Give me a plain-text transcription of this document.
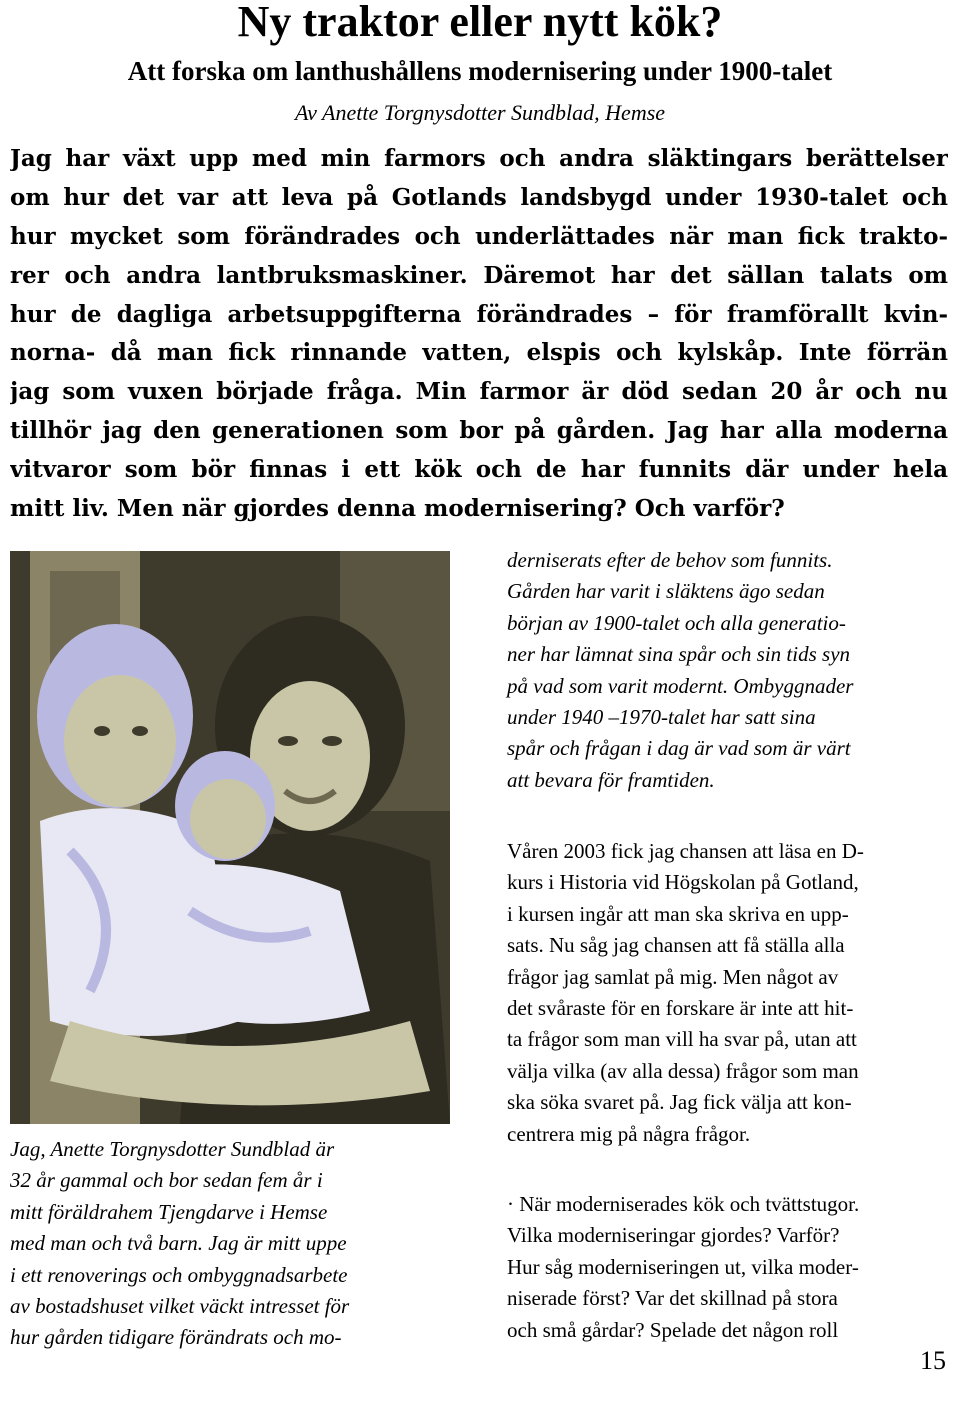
Ny traktor eller nytt kök?
Att forska om lanthushållens modernisering under 1900-talet

Av Anette Torgnysdotter Sundblad, Hemse

Jag har växt upp med min farmors och andra släktingars berättelser
om hur det var att leva på Gotlands landsbygd under 1930-talet och
hur mycket som förändrades och underlättades när man fick trakto-
rer och andra lantbruksmaskiner. Däremot har det sällan talats om
hur de dagliga arbetsuppgifterna förändrades – för framförallt kvin-
norna- då man fick rinnande vatten, elspis och kylskåp. Inte förrän
jag som vuxen började fråga. Min farmor är död sedan 20 år och nu
tillhör jag den generationen som bor på gården. Jag har alla moderna
vitvaror som bör finnas i ett kök och de har funnits där under hela
mitt liv. Men när gjordes denna modernisering? Och varför?
Jag, Anette Torgnysdotter Sundblad är
32 år gammal och bor sedan fem år i
mitt föräldrahem Tjengdarve i Hemse
med man och två barn. Jag är mitt uppe
i ett renoverings och ombyggnadsarbete
av bostadshuset vilket väckt intresset för
hur gården tidigare förändrats och mo-
derniserats efter de behov som funnits.
Gården har varit i släktens ägo sedan
början av 1900-talet och alla generatio-
ner har lämnat sina spår och sin tids syn
på vad som varit modernt. Ombyggnader
under 1940 –1970-talet har satt sina
spår och frågan i dag är vad som är värt
att bevara för framtiden.
Våren 2003 fick jag chansen att läsa en D-
kurs i Historia vid Högskolan på Gotland,
i kursen ingår att man ska skriva en upp-
sats. Nu såg jag chansen att få ställa alla
frågor jag samlat på mig. Men något av
det svåraste för en forskare är inte att hit-
ta frågor som man vill ha svar på, utan att
välja vilka (av alla dessa) frågor som man
ska söka svaret på. Jag fick välja att kon-
centrera mig på några frågor.
· När moderniserades kök och tvättstugor.
Vilka moderniseringar gjordes? Varför?
Hur såg moderniseringen ut, vilka moder-
niserade först? Var det skillnad på stora
och små gårdar? Spelade det någon roll
15
